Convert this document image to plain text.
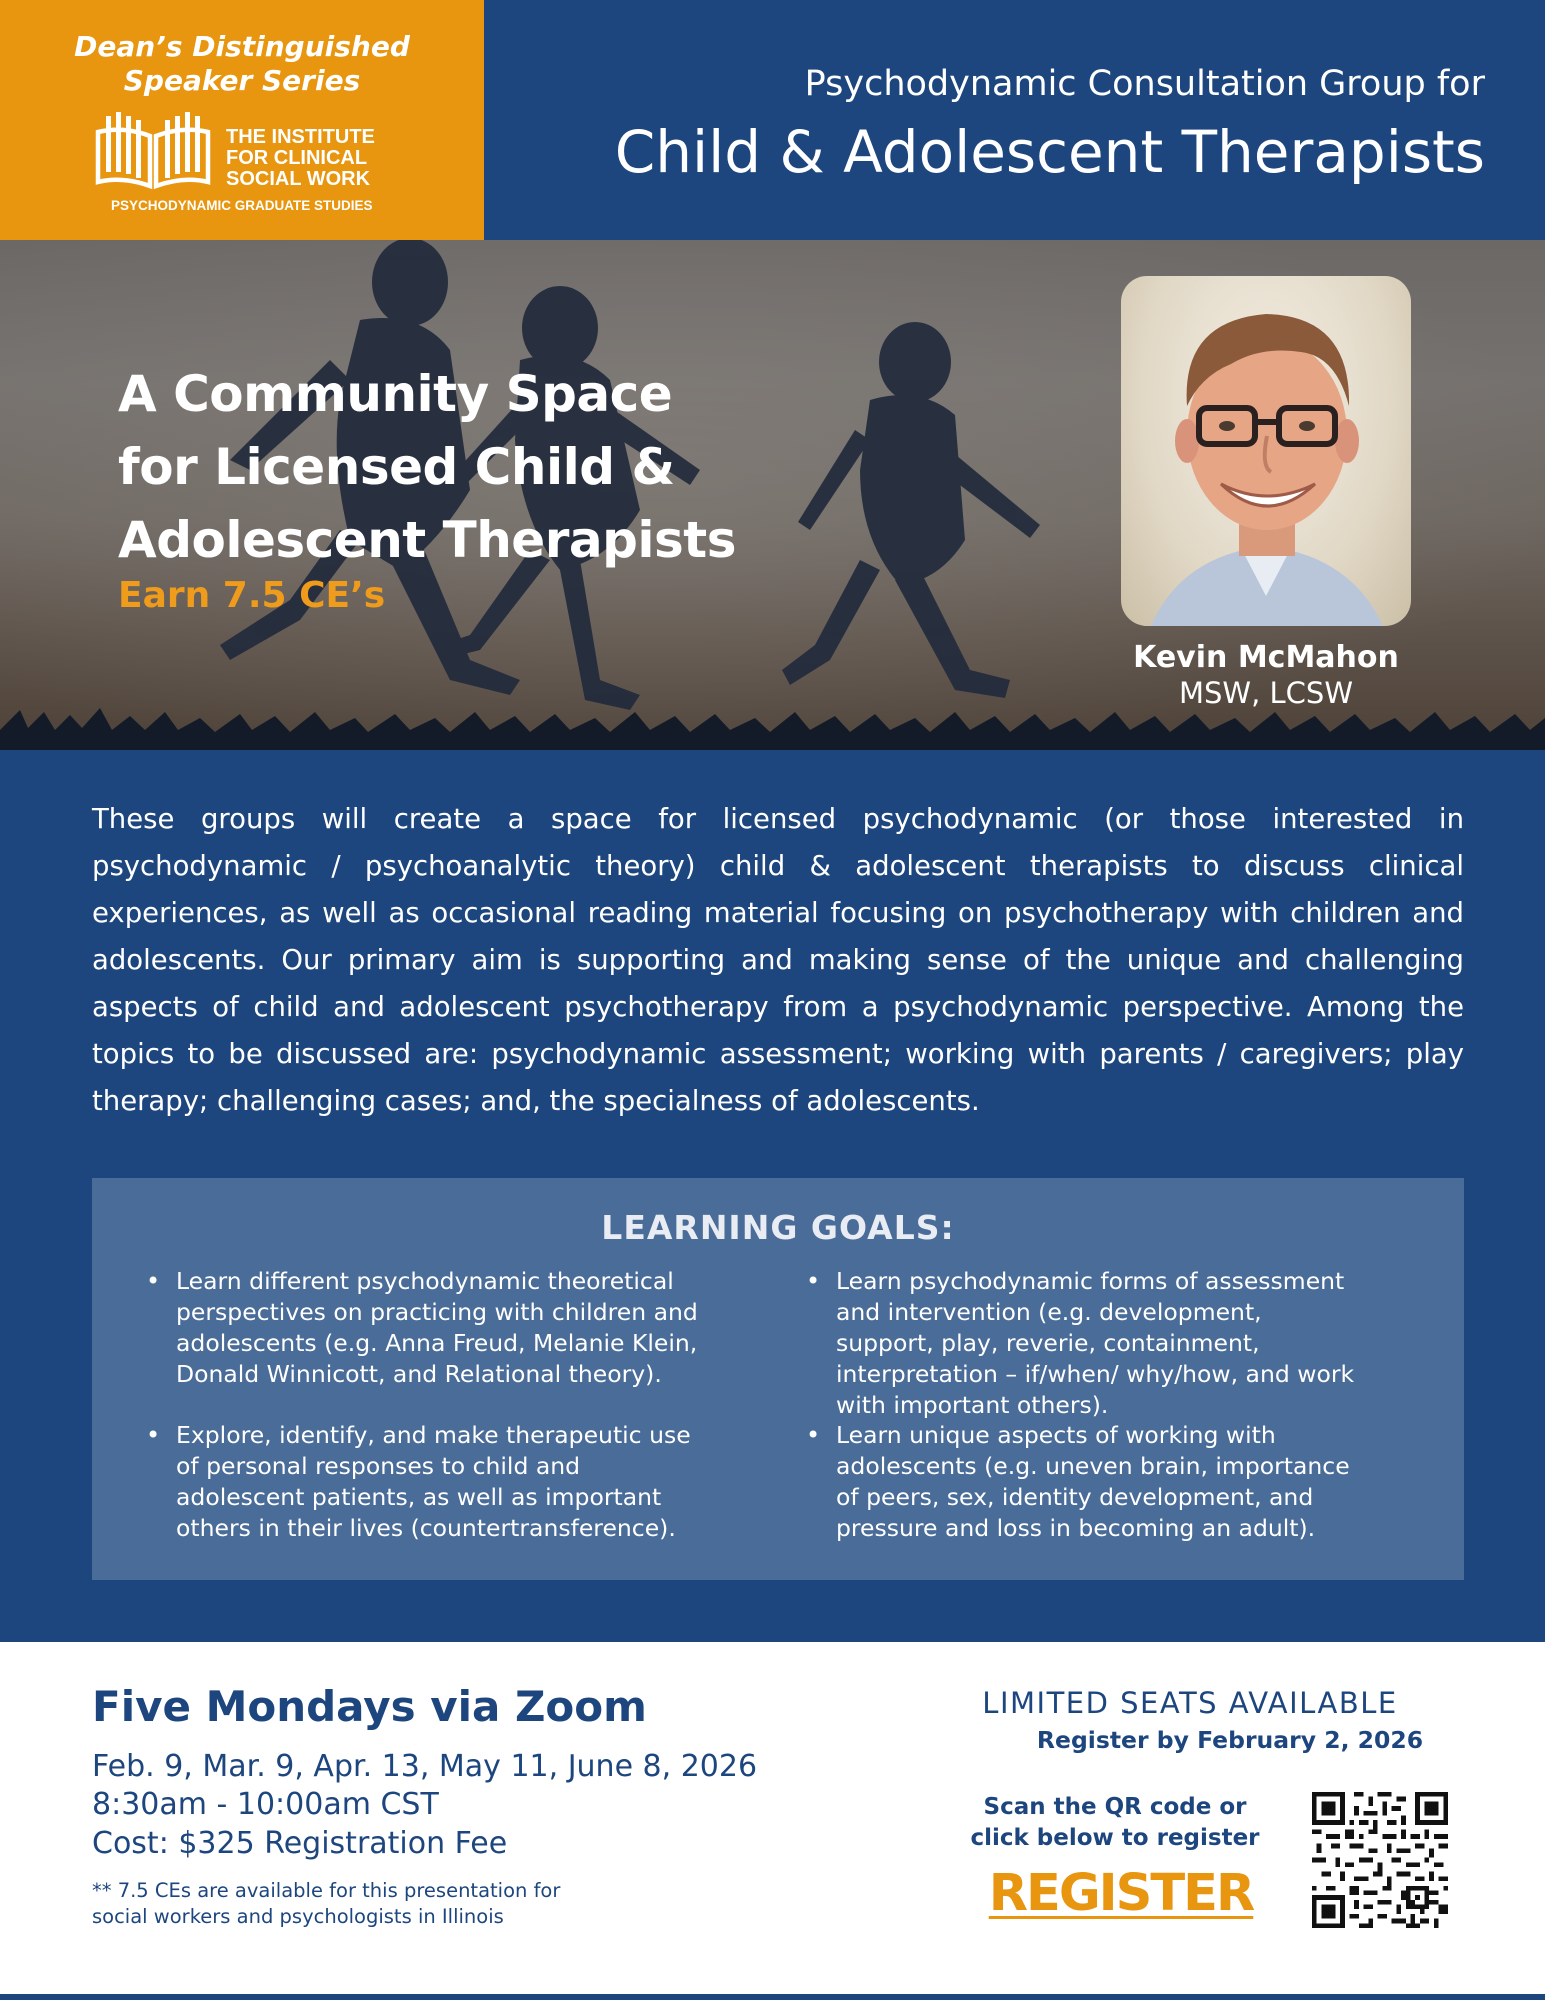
Dean’s Distinguished
Speaker Series
THE INSTITUTE
FOR CLINICAL
SOCIAL WORK
PSYCHODYNAMIC GRADUATE STUDIES
Psychodynamic Consultation Group for
Child & Adolescent Therapists
A Community Space
for Licensed Child &
Adolescent Therapists
Earn 7.5 CE’s
Kevin McMahon
MSW, LCSW

These groups will create a space for licensed psychodynamic (or those interested in psychodynamic / psychoanalytic theory) child & adolescent therapists to discuss clinical experiences, as well as occasional reading material focusing on psychotherapy with children and adolescents. Our primary aim is supporting and making sense of the unique and challenging aspects of child and adolescent psychotherapy from a psychodynamic perspective. Among the topics to be discussed are: psychodynamic assessment; working with parents / caregivers; play therapy; challenging cases; and, the specialness of adolescents.

LEARNING GOALS:
• Learn different psychodynamic theoretical perspectives on practicing with children and adolescents (e.g. Anna Freud, Melanie Klein, Donald Winnicott, and Relational theory).
• Learn psychodynamic forms of assessment and intervention (e.g. development, support, play, reverie, containment, interpretation – if/when/ why/how, and work with important others).
• Explore, identify, and make therapeutic use of personal responses to child and adolescent patients, as well as important others in their lives (countertransference).
• Learn unique aspects of working with adolescents (e.g. uneven brain, importance of peers, sex, identity development, and pressure and loss in becoming an adult).
Five Mondays via Zoom
Feb. 9, Mar. 9, Apr. 13, May 11, June 8, 2026
8:30am - 10:00am CST
Cost: $325 Registration Fee
** 7.5 CEs are available for this presentation for
social workers and psychologists in Illinois
LIMITED SEATS AVAILABLE
Register by February 2, 2026
Scan the QR code or
click below to register
REGISTER
